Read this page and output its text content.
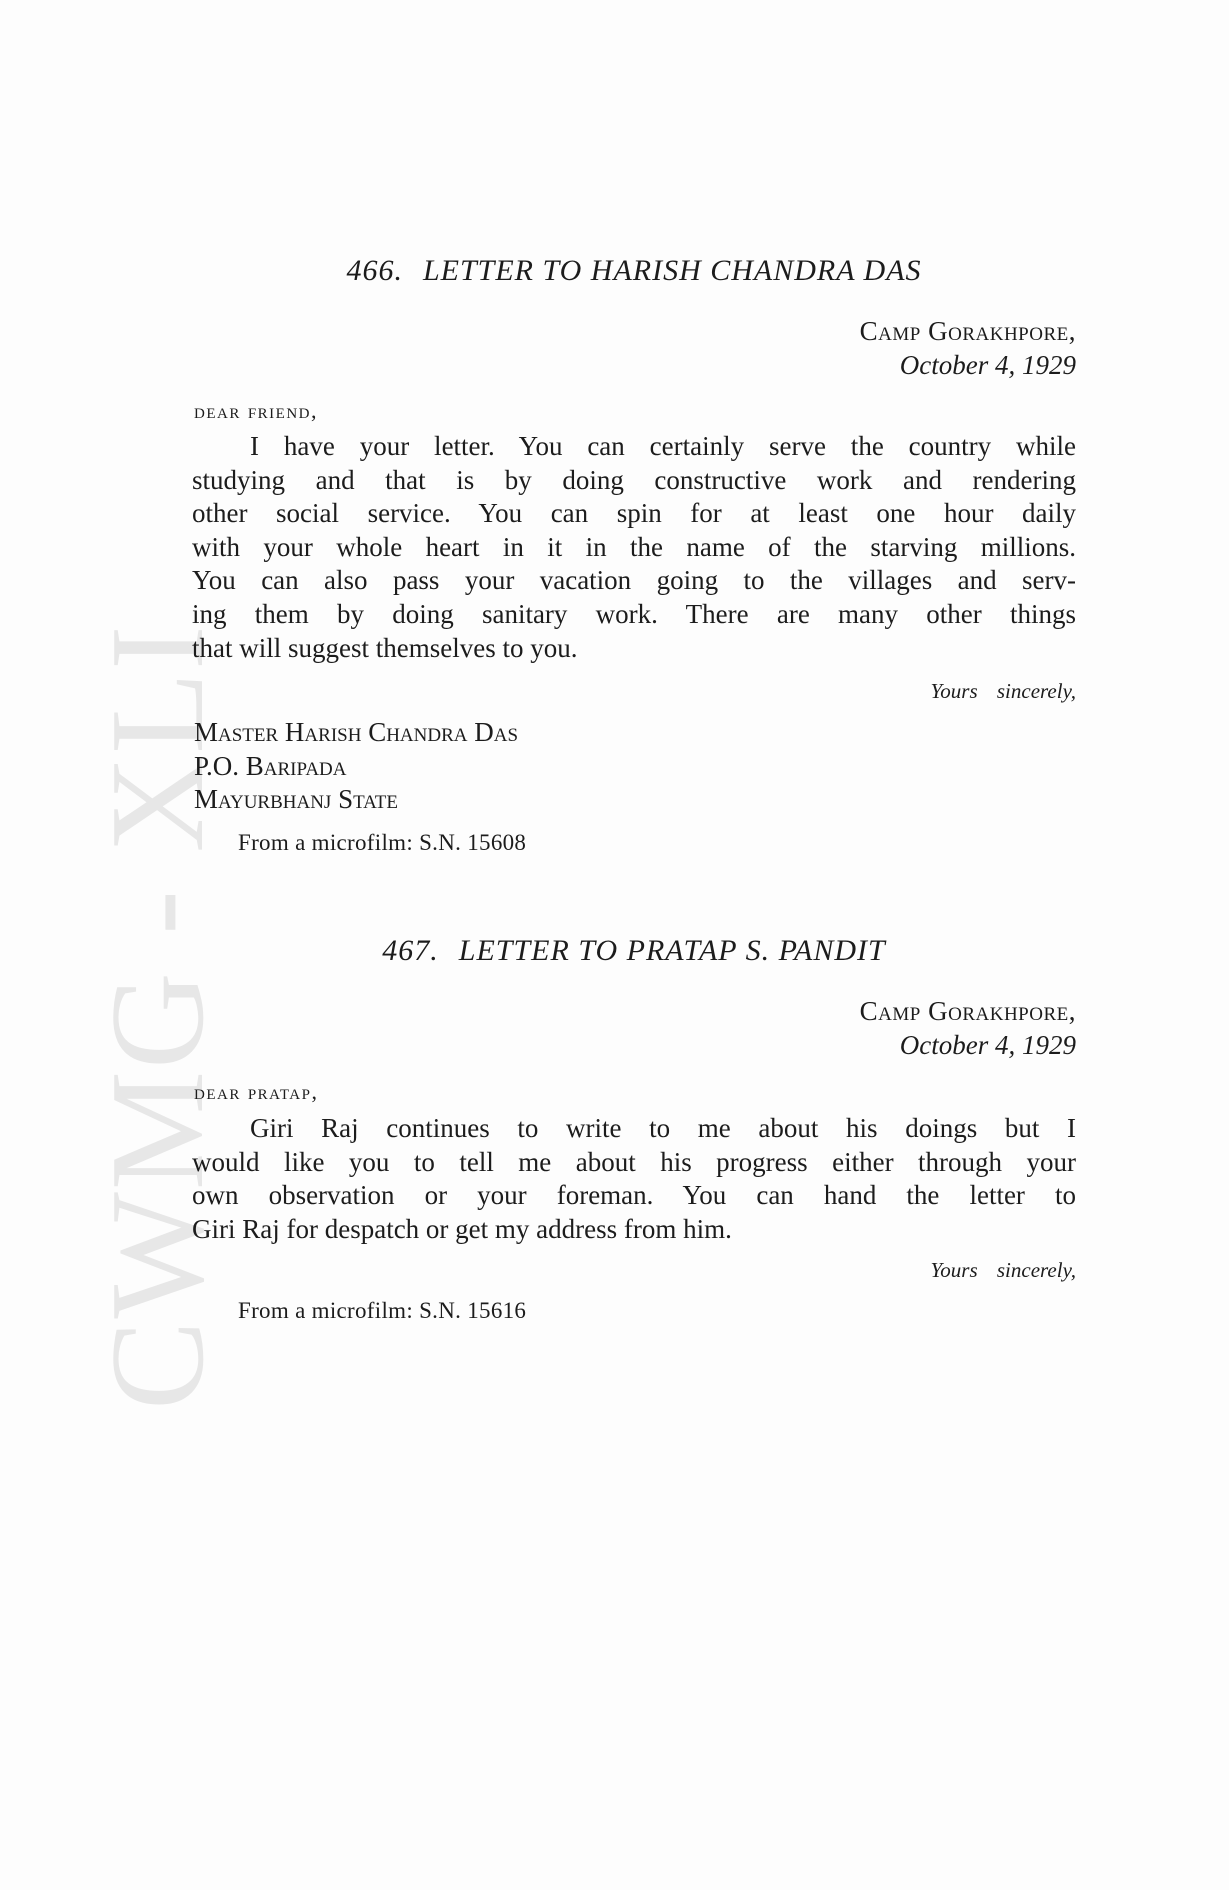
CWMG - XLI
466. LETTER TO HARISH CHANDRA DAS
Camp Gorakhpore,
October 4, 1929
dear friend,
I have your letter. You can certainly serve the country while
studying and that is by doing constructive work and rendering
other social service. You can spin for at least one hour daily
with your whole heart in it in the name of the starving millions.
You can also pass your vacation going to the villages and serv-
ing them by doing sanitary work. There are many other things
that will suggest themselves to you.
Yours sincerely,
Master Harish Chandra Das
P.O. Baripada
Mayurbhanj State
From a microfilm: S.N. 15608
467. LETTER TO PRATAP S. PANDIT
Camp Gorakhpore,
October 4, 1929
dear pratap,
Giri Raj continues to write to me about his doings but I
would like you to tell me about his progress either through your
own observation or your foreman. You can hand the letter to
Giri Raj for despatch or get my address from him.
Yours sincerely,
From a microfilm: S.N. 15616
